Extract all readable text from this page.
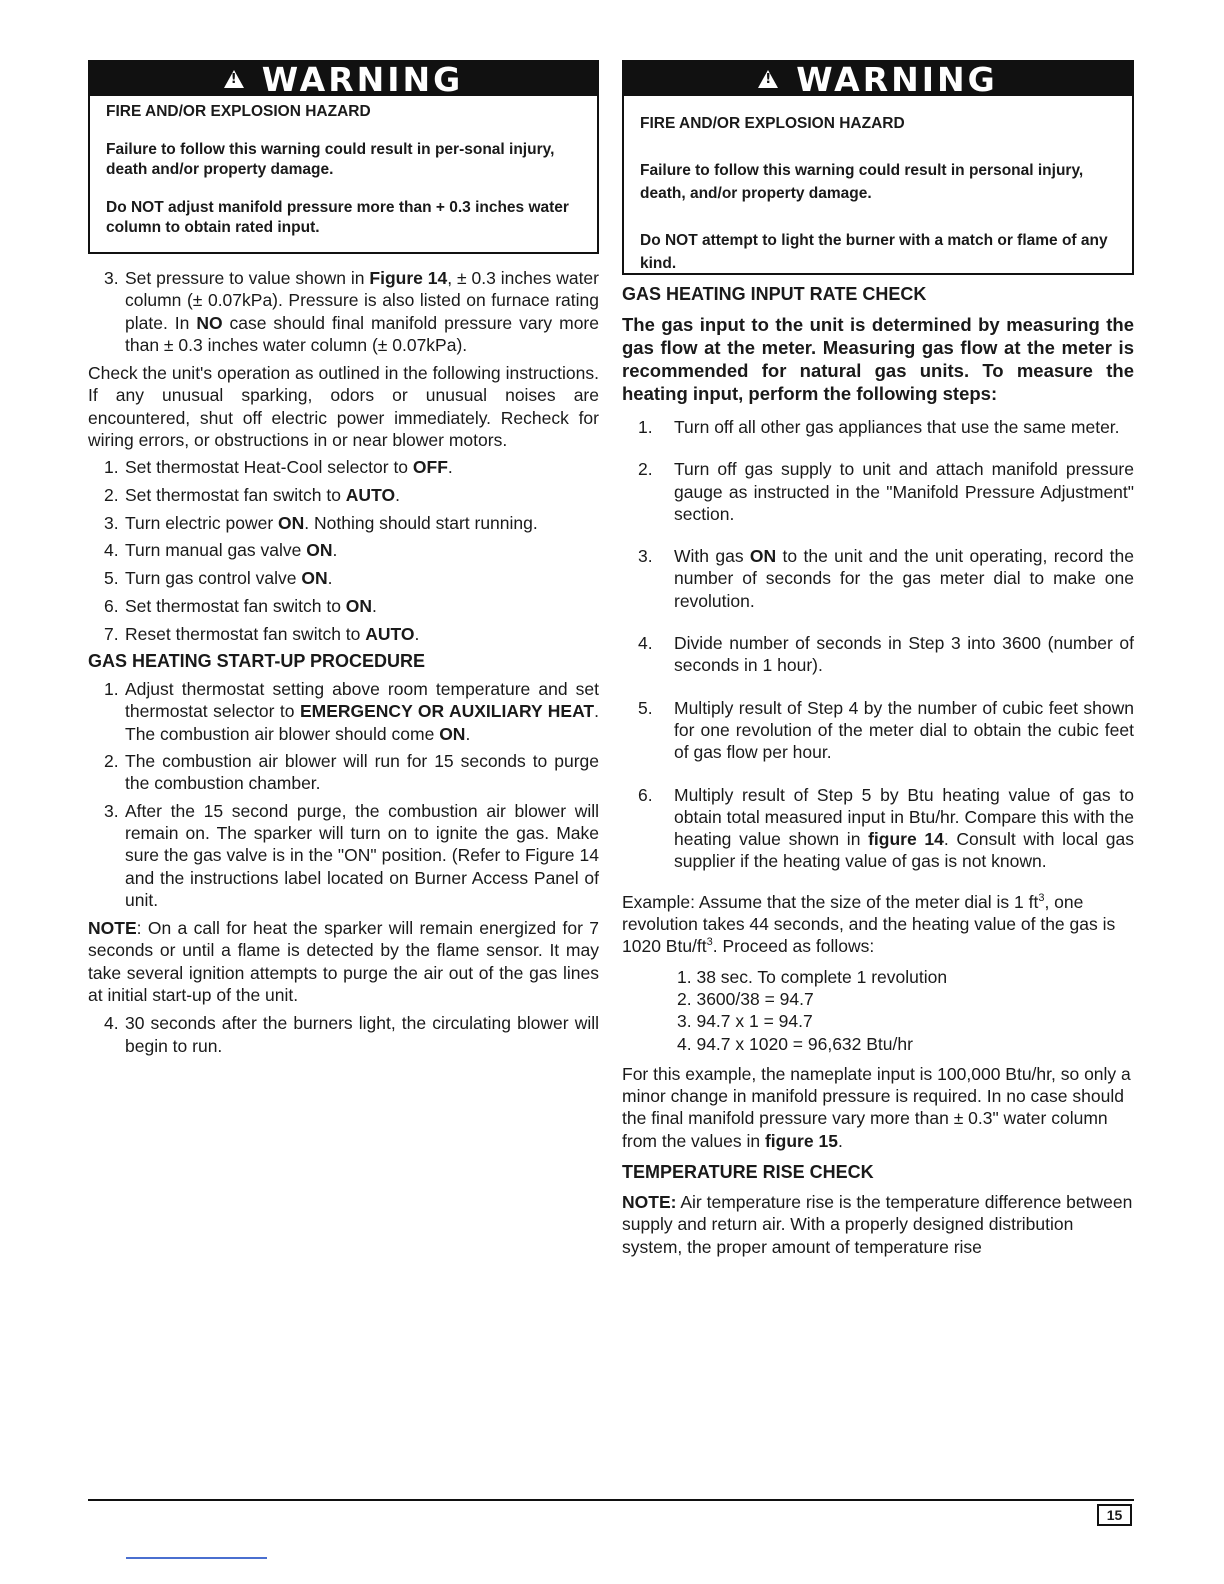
! WARNING

FIRE AND/OR EXPLOSION HAZARD

Failure to follow this warning could result in per-sonal injury, death and/or property damage.

Do NOT adjust manifold pressure more than + 0.3 inches water column to obtain rated input.

3. Set pressure to value shown in Figure 14, ± 0.3 inches water column (± 0.07kPa). Pressure is also listed on furnace rating plate. In NO case should final manifold pressure vary more than ± 0.3 inches water column (± 0.07kPa).

Check the unit's operation as outlined in the following instructions. If any unusual sparking, odors or unusual noises are encountered, shut off electric power immediately. Recheck for wiring errors, or obstructions in or near blower motors.

1. Set thermostat Heat-Cool selector to OFF.
2. Set thermostat fan switch to AUTO.
3. Turn electric power ON. Nothing should start running.
4. Turn manual gas valve ON.
5. Turn gas control valve ON.
6. Set thermostat fan switch to ON.
7. Reset thermostat fan switch to AUTO.
GAS HEATING START-UP PROCEDURE
1. Adjust thermostat setting above room temperature and set thermostat selector to EMERGENCY OR AUXILIARY HEAT. The combustion air blower should come ON.
2. The combustion air blower will run for 15 seconds to purge the combustion chamber.
3. After the 15 second purge, the combustion air blower will remain on. The sparker will turn on to ignite the gas. Make sure the gas valve is in the "ON" position. (Refer to Figure 14 and the instructions label located on Burner Access Panel of unit.

NOTE: On a call for heat the sparker will remain energized for 7 seconds or until a flame is detected by the flame sensor. It may take several ignition attempts to purge the air out of the gas lines at initial start-up of the unit.

4. 30 seconds after the burners light, the circulating blower will begin to run.
! WARNING

FIRE AND/OR EXPLOSION HAZARD

Failure to follow this warning could result in personal injury, death, and/or property damage.

Do NOT attempt to light the burner with a match or flame of any kind.

GAS HEATING INPUT RATE CHECK

The gas input to the unit is determined by measuring the gas flow at the meter. Measuring gas flow at the meter is recommended for natural gas units. To measure the heating input, perform the following steps:

1.	Turn off all other gas appliances that use the same meter.
2.	Turn off gas supply to unit and attach manifold pressure gauge as instructed in the "Manifold Pressure Adjustment" section.
3.	With gas ON to the unit and the unit operating, record the number of seconds for the gas meter dial to make one revolution.
4.	Divide number of seconds in Step 3 into 3600 (number of seconds in 1 hour).
5.	Multiply result of Step 4 by the number of cubic feet shown for one revolution of the meter dial to obtain the cubic feet of gas flow per hour.
6.	Multiply result of Step 5 by Btu heating value of gas to obtain total measured input in Btu/hr. Compare this with the heating value shown in figure 14. Consult with local gas supplier if the heating value of gas is not known.

Example: Assume that the size of the meter dial is 1 $ft^3$, one revolution takes 44 seconds, and the heating value of the gas is 1020 Btu/$ft^3$. Proceed as follows:

1. 38 sec. To complete 1 revolution
2. 3600/38 = 94.7
3. 94.7 x 1 = 94.7
4. 94.7 x 1020 = 96,632 Btu/hr

For this example, the nameplate input is 100,000 Btu/hr, so only a minor change in manifold pressure is required. In no case should the final manifold pressure vary more than ± 0.3" water column from the values in figure 15.

TEMPERATURE RISE CHECK

NOTE: Air temperature rise is the temperature difference between supply and return air. With a properly designed distribution system, the proper amount of temperature rise

15
